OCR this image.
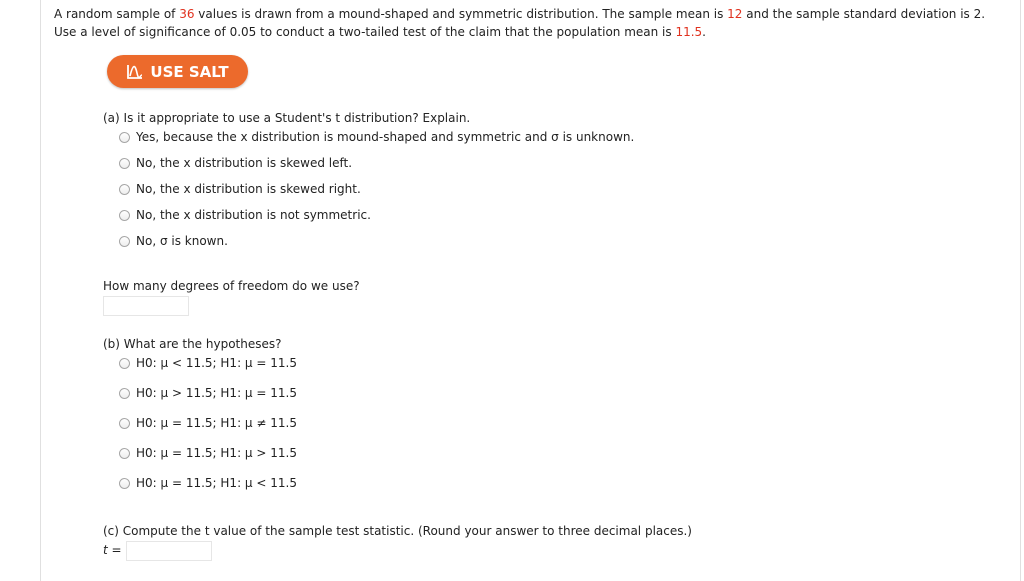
A random sample of 36 values is drawn from a mound-shaped and symmetric distribution. The sample mean is 12 and the sample standard deviation is 2.
Use a level of significance of 0.05 to conduct a two-tailed test of the claim that the population mean is 11.5.
USE SALT
(a) Is it appropriate to use a Student's t distribution? Explain.
Yes, because the x distribution is mound-shaped and symmetric and σ is unknown.
No, the x distribution is skewed left.
No, the x distribution is skewed right.
No, the x distribution is not symmetric.
No, σ is known.
How many degrees of freedom do we use?
(b) What are the hypotheses?
H0: μ < 11.5; H1: μ = 11.5
H0: μ > 11.5; H1: μ = 11.5
H0: μ = 11.5; H1: μ ≠ 11.5
H0: μ = 11.5; H1: μ > 11.5
H0: μ = 11.5; H1: μ < 11.5
(c) Compute the t value of the sample test statistic. (Round your answer to three decimal places.)
t =
